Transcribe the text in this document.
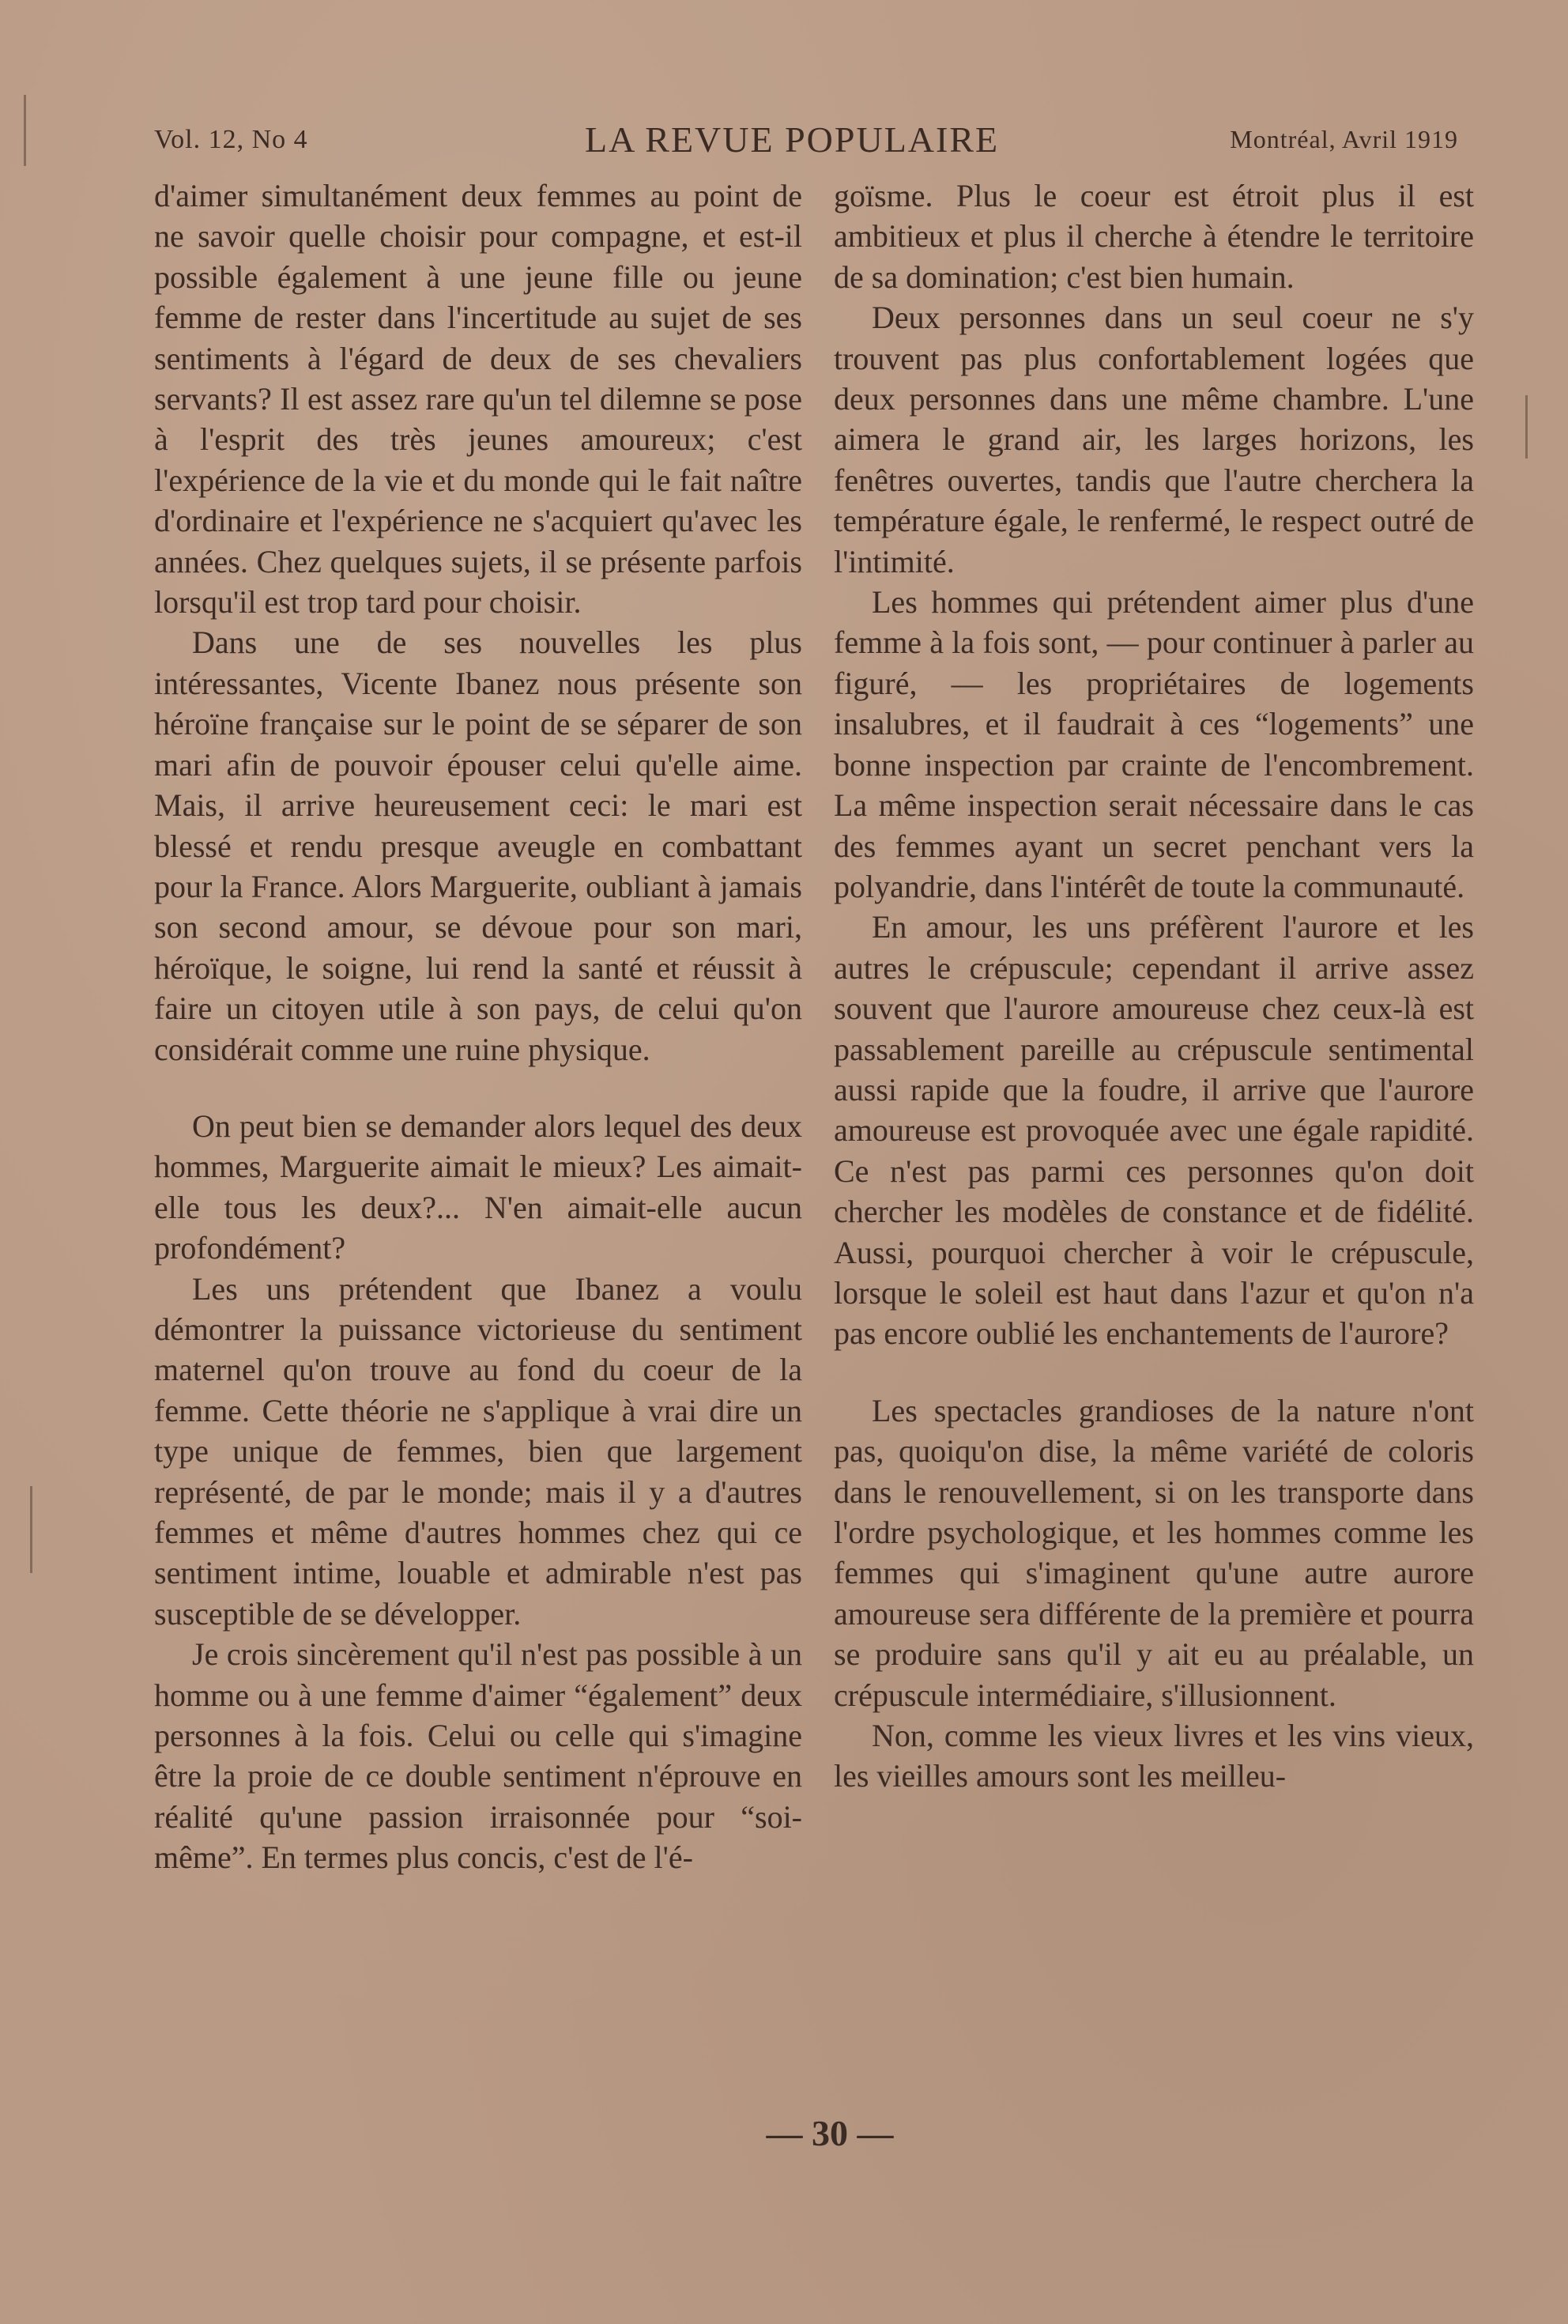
Vol. 12, No 4	LA REVUE POPULAIRE	Montréal, Avril 1919

d'aimer simultanément deux femmes au point de ne savoir quelle choisir pour compagne, et est-il possible également à une jeune fille ou jeune femme de rester dans l'incertitude au sujet de ses sentiments à l'égard de deux de ses chevaliers servants? Il est assez rare qu'un tel dilemne se pose à l'esprit des très jeunes amoureux; c'est l'expérience de la vie et du monde qui le fait naître d'ordinaire et l'expérience ne s'acquiert qu'avec les années. Chez quelques sujets, il se présente parfois lorsqu'il est trop tard pour choisir.

Dans une de ses nouvelles les plus intéressantes, Vicente Ibanez nous présente son héroïne française sur le point de se séparer de son mari afin de pouvoir épouser celui qu'elle aime. Mais, il arrive heureusement ceci: le mari est blessé et rendu presque aveugle en combattant pour la France. Alors Marguerite, oubliant à jamais son second amour, se dévoue pour son mari, héroïque, le soigne, lui rend la santé et réussit à faire un citoyen utile à son pays, de celui qu'on considérait comme une ruine physique.

On peut bien se demander alors lequel des deux hommes, Marguerite aimait le mieux? Les aimait-elle tous les deux?... N'en aimait-elle aucun profondément?

Les uns prétendent que Ibanez a voulu démontrer la puissance victorieuse du sentiment maternel qu'on trouve au fond du coeur de la femme. Cette théorie ne s'applique à vrai dire un type unique de femmes, bien que largement représenté, de par le monde; mais il y a d'autres femmes et même d'autres hommes chez qui ce sentiment intime, louable et admirable n'est pas susceptible de se développer.

Je crois sincèrement qu'il n'est pas possible à un homme ou à une femme d'aimer “également” deux personnes à la fois. Celui ou celle qui s'imagine être la proie de ce double sentiment n'éprouve en réalité qu'une passion irraisonnée pour “soi-même”. En termes plus concis, c'est de l'é-

goïsme. Plus le coeur est étroit plus il est ambitieux et plus il cherche à étendre le territoire de sa domination; c'est bien humain.

Deux personnes dans un seul coeur ne s'y trouvent pas plus confortablement logées que deux personnes dans une même chambre. L'une aimera le grand air, les larges horizons, les fenêtres ouvertes, tandis que l'autre cherchera la température égale, le renfermé, le respect outré de l'intimité.

Les hommes qui prétendent aimer plus d'une femme à la fois sont, — pour continuer à parler au figuré, — les propriétaires de logements insalubres, et il faudrait à ces “logements” une bonne inspection par crainte de l'encombrement. La même inspection serait nécessaire dans le cas des femmes ayant un secret penchant vers la polyandrie, dans l'intérêt de toute la communauté.

En amour, les uns préfèrent l'aurore et les autres le crépuscule; cependant il arrive assez souvent que l'aurore amoureuse chez ceux-là est passablement pareille au crépuscule sentimental aussi rapide que la foudre, il arrive que l'aurore amoureuse est provoquée avec une égale rapidité. Ce n'est pas parmi ces personnes qu'on doit chercher les modèles de constance et de fidélité. Aussi, pourquoi chercher à voir le crépuscule, lorsque le soleil est haut dans l'azur et qu'on n'a pas encore oublié les enchantements de l'aurore?

Les spectacles grandioses de la nature n'ont pas, quoiqu'on dise, la même variété de coloris dans le renouvellement, si on les transporte dans l'ordre psychologique, et les hommes comme les femmes qui s'imaginent qu'une autre aurore amoureuse sera différente de la première et pourra se produire sans qu'il y ait eu au préalable, un crépuscule intermédiaire, s'illusionnent.

Non, comme les vieux livres et les vins vieux, les vieilles amours sont les meilleu-

— 30 —
